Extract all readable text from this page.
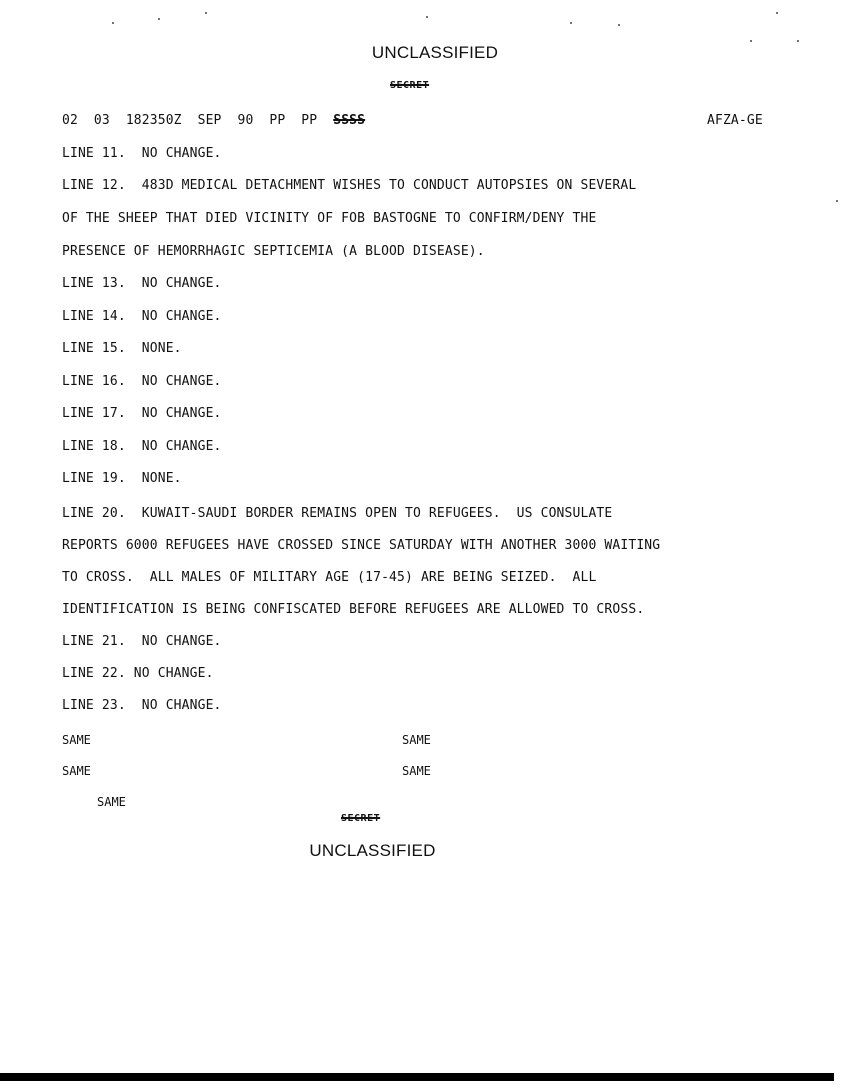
UNCLASSIFIED
SECRET
02  03  182350Z  SEP  90  PP  PP  SSSS	AFZA-GE
LINE 11.  NO CHANGE.
LINE 12.  483D MEDICAL DETACHMENT WISHES TO CONDUCT AUTOPSIES ON SEVERAL
OF THE SHEEP THAT DIED VICINITY OF FOB BASTOGNE TO CONFIRM/DENY THE
PRESENCE OF HEMORRHAGIC SEPTICEMIA (A BLOOD DISEASE).
LINE 13.  NO CHANGE.
LINE 14.  NO CHANGE.
LINE 15.  NONE.
LINE 16.  NO CHANGE.
LINE 17.  NO CHANGE.
LINE 18.  NO CHANGE.
LINE 19.  NONE.
LINE 20.  KUWAIT-SAUDI BORDER REMAINS OPEN TO REFUGEES.  US CONSULATE
REPORTS 6000 REFUGEES HAVE CROSSED SINCE SATURDAY WITH ANOTHER 3000 WAITING
TO CROSS.  ALL MALES OF MILITARY AGE (17-45) ARE BEING SEIZED.  ALL
IDENTIFICATION IS BEING CONFISCATED BEFORE REFUGEES ARE ALLOWED TO CROSS.
LINE 21.  NO CHANGE.
LINE 22. NO CHANGE.
LINE 23.  NO CHANGE.
SAME	SAME
SAME	SAME
SAME
SECRET
UNCLASSIFIED
